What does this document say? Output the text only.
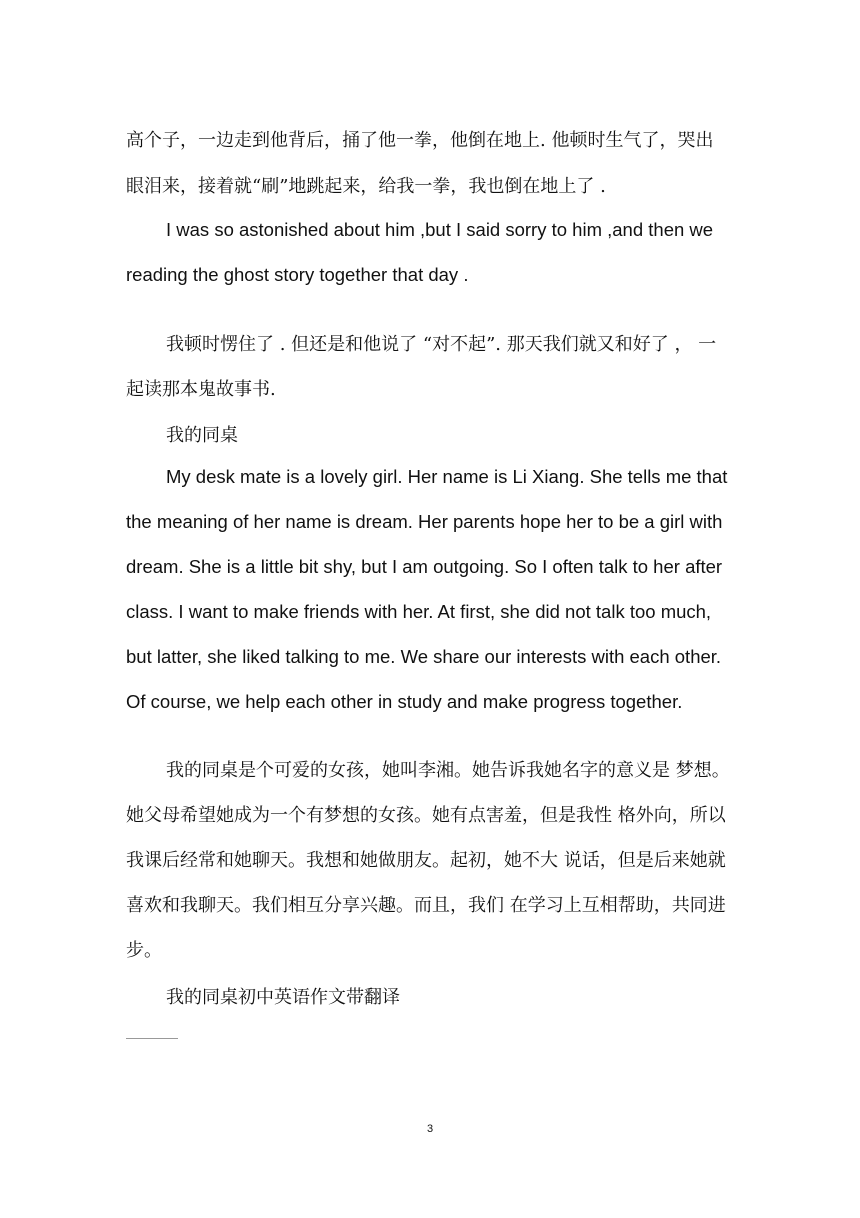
高个子，一边走到他背后，捅了他一拳，他倒在地上. 他顿时生气了，哭出
眼泪来，接着就“刷”地跳起来，给我一拳，我也倒在地上了 .
I was so astonished about him ,but I said sorry to him ,and then we
reading the ghost story together that day .
我顿时愣住了 . 但还是和他说了 “对不起”. 那天我们就又和好了 ， 一
起读那本鬼故事书.
我的同桌
My desk mate is a lovely girl. Her name is Li Xiang. She tells me that
the meaning of her name is dream. Her parents hope her to be a girl with
dream. She is a little bit shy, but I am outgoing. So I often talk to her after
class. I want to make friends with her. At first, she did not talk too much,
but latter, she liked talking to me. We share our interests with each other.
Of course, we help each other in study and make progress together.
我的同桌是个可爱的女孩，她叫李湘。她告诉我她名字的意义是 梦想。
她父母希望她成为一个有梦想的女孩。她有点害羞，但是我性 格外向，所以
我课后经常和她聊天。我想和她做朋友。起初，她不大 说话，但是后来她就
喜欢和我聊天。我们相互分享兴趣。而且，我们 在学习上互相帮助，共同进
步。
我的同桌初中英语作文带翻译
3
